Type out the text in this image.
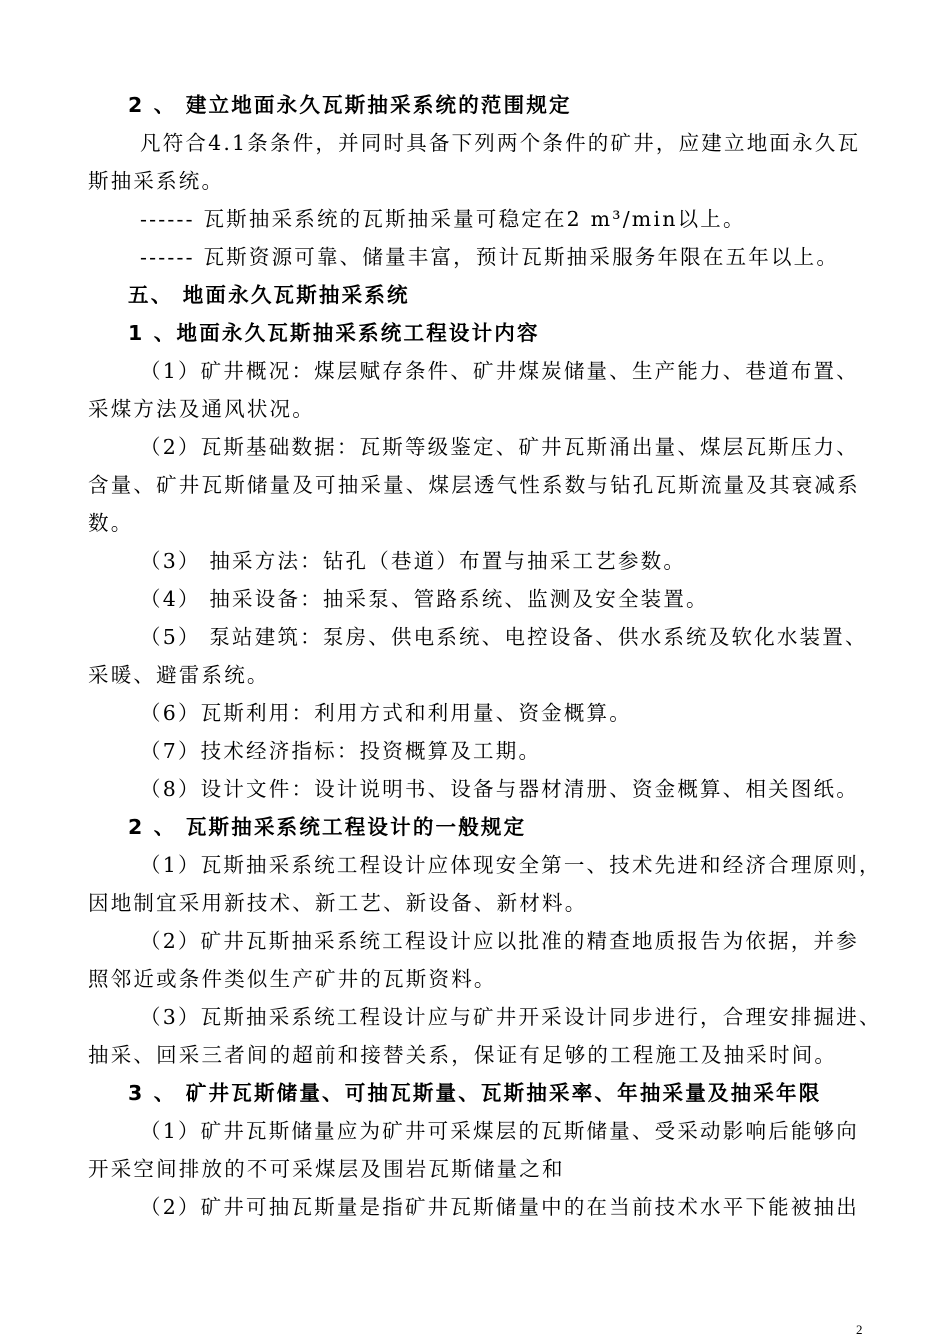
2 、 建立地面永久瓦斯抽采系统的范围规定
凡符合4.1条条件，并同时具备下列两个条件的矿井，应建立地面永久瓦
斯抽采系统。
------ 瓦斯抽采系统的瓦斯抽采量可稳定在2 m³/min以上。
------ 瓦斯资源可靠、储量丰富，预计瓦斯抽采服务年限在五年以上。
五、 地面永久瓦斯抽采系统
1 、地面永久瓦斯抽采系统工程设计内容
（1）矿井概况：煤层赋存条件、矿井煤炭储量、生产能力、巷道布置、
采煤方法及通风状况。
（2）瓦斯基础数据：瓦斯等级鉴定、矿井瓦斯涌出量、煤层瓦斯压力、
含量、矿井瓦斯储量及可抽采量、煤层透气性系数与钻孔瓦斯流量及其衰减系
数。
（3） 抽采方法：钻孔（巷道）布置与抽采工艺参数。
（4） 抽采设备：抽采泵、管路系统、监测及安全装置。
（5） 泵站建筑：泵房、供电系统、电控设备、供水系统及软化水装置、
采暖、避雷系统。
（6）瓦斯利用：利用方式和利用量、资金概算。
（7）技术经济指标：投资概算及工期。
（8）设计文件：设计说明书、设备与器材清册、资金概算、相关图纸。
2 、 瓦斯抽采系统工程设计的一般规定
（1）瓦斯抽采系统工程设计应体现安全第一、技术先进和经济合理原则，
因地制宜采用新技术、新工艺、新设备、新材料。
（2）矿井瓦斯抽采系统工程设计应以批准的精查地质报告为依据，并参
照邻近或条件类似生产矿井的瓦斯资料。
（3）瓦斯抽采系统工程设计应与矿井开采设计同步进行，合理安排掘进、
抽采、回采三者间的超前和接替关系，保证有足够的工程施工及抽采时间。
3 、 矿井瓦斯储量、可抽瓦斯量、瓦斯抽采率、年抽采量及抽采年限
（1）矿井瓦斯储量应为矿井可采煤层的瓦斯储量、受采动影响后能够向
开采空间排放的不可采煤层及围岩瓦斯储量之和
（2）矿井可抽瓦斯量是指矿井瓦斯储量中的在当前技术水平下能被抽出
2
